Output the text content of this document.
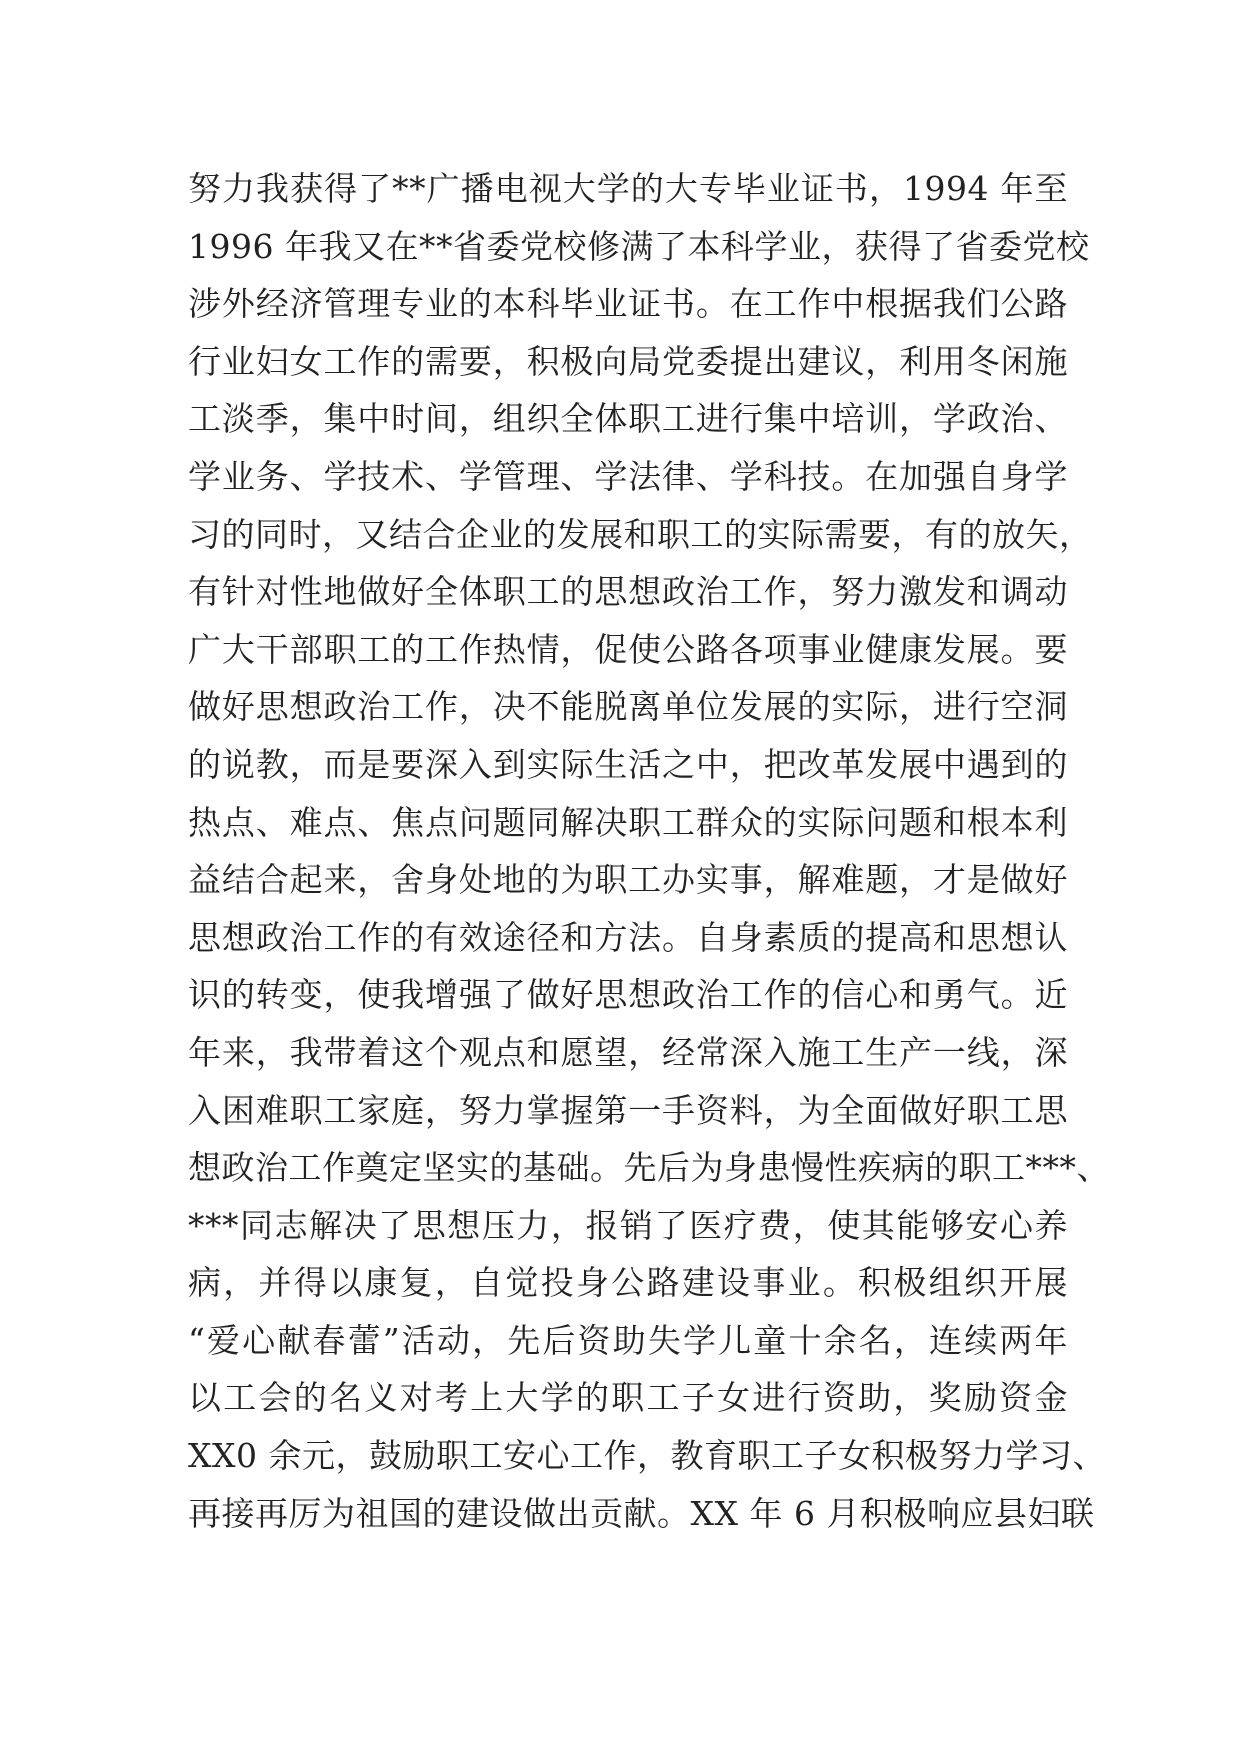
努力我获得了**广播电视大学的大专毕业证书，1994 年至
1996 年我又在**省委党校修满了本科学业，获得了省委党校
涉外经济管理专业的本科毕业证书。在工作中根据我们公路
行业妇女工作的需要，积极向局党委提出建议，利用冬闲施
工淡季，集中时间，组织全体职工进行集中培训，学政治、
学业务、学技术、学管理、学法律、学科技。在加强自身学
习的同时，又结合企业的发展和职工的实际需要，有的放矢，
有针对性地做好全体职工的思想政治工作，努力激发和调动
广大干部职工的工作热情，促使公路各项事业健康发展。要
做好思想政治工作，决不能脱离单位发展的实际，进行空洞
的说教，而是要深入到实际生活之中，把改革发展中遇到的
热点、难点、焦点问题同解决职工群众的实际问题和根本利
益结合起来，舍身处地的为职工办实事，解难题，才是做好
思想政治工作的有效途径和方法。自身素质的提高和思想认
识的转变，使我增强了做好思想政治工作的信心和勇气。近
年来，我带着这个观点和愿望，经常深入施工生产一线，深
入困难职工家庭，努力掌握第一手资料，为全面做好职工思
想政治工作奠定坚实的基础。先后为身患慢性疾病的职工***、
***同志解决了思想压力，报销了医疗费，使其能够安心养
病，并得以康复，自觉投身公路建设事业。积极组织开展
“爱心献春蕾”活动，先后资助失学儿童十余名，连续两年
以工会的名义对考上大学的职工子女进行资助，奖励资金
XX0 余元，鼓励职工安心工作，教育职工子女积极努力学习、
再接再厉为祖国的建设做出贡献。XX 年 6 月积极响应县妇联
